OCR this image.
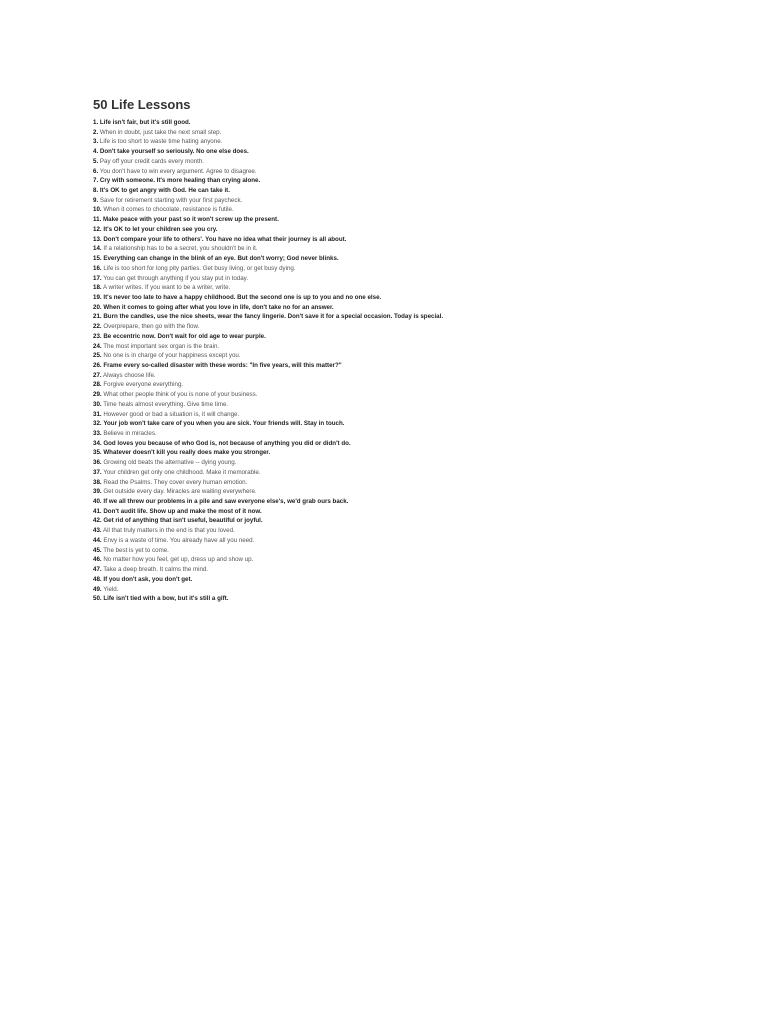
50 Life Lessons
1. Life isn't fair, but it's still good.
2. When in doubt, just take the next small step.
3. Life is too short to waste time hating anyone.
4. Don't take yourself so seriously. No one else does.
5. Pay off your credit cards every month.
6. You don't have to win every argument. Agree to disagree.
7. Cry with someone. It's more healing than crying alone.
8. It's OK to get angry with God. He can take it.
9. Save for retirement starting with your first paycheck.
10. When it comes to chocolate, resistance is futile.
11. Make peace with your past so it won't screw up the present.
12. It's OK to let your children see you cry.
13. Don't compare your life to others'. You have no idea what their journey is all about.
14. If a relationship has to be a secret, you shouldn't be in it.
15. Everything can change in the blink of an eye. But don't worry; God never blinks.
16. Life is too short for long pity parties. Get busy living, or get busy dying.
17. You can get through anything if you stay put in today.
18. A writer writes. If you want to be a writer, write.
19. It's never too late to have a happy childhood. But the second one is up to you and no one else.
20. When it comes to going after what you love in life, don't take no for an answer.
21. Burn the candles, use the nice sheets, wear the fancy lingerie. Don't save it for a special occasion. Today is special.
22. Overprepare, then go with the flow.
23. Be eccentric now. Don't wait for old age to wear purple.
24. The most important sex organ is the brain.
25. No one is in charge of your happiness except you.
26. Frame every so-called disaster with these words: "In five years, will this matter?"
27. Always choose life.
28. Forgive everyone everything.
29. What other people think of you is none of your business.
30. Time heals almost everything. Give time time.
31. However good or bad a situation is, it will change.
32. Your job won't take care of you when you are sick. Your friends will. Stay in touch.
33. Believe in miracles.
34. God loves you because of who God is, not because of anything you did or didn't do.
35. Whatever doesn't kill you really does make you stronger.
36. Growing old beats the alternative -- dying young.
37. Your children get only one childhood. Make it memorable.
38. Read the Psalms. They cover every human emotion.
39. Get outside every day. Miracles are waiting everywhere.
40. If we all threw our problems in a pile and saw everyone else's, we'd grab ours back.
41. Don't audit life. Show up and make the most of it now.
42. Get rid of anything that isn't useful, beautiful or joyful.
43. All that truly matters in the end is that you loved.
44. Envy is a waste of time. You already have all you need.
45. The best is yet to come.
46. No matter how you feel, get up, dress up and show up.
47. Take a deep breath. It calms the mind.
48. If you don't ask, you don't get.
49. Yield.
50. Life isn't tied with a bow, but it's still a gift.
